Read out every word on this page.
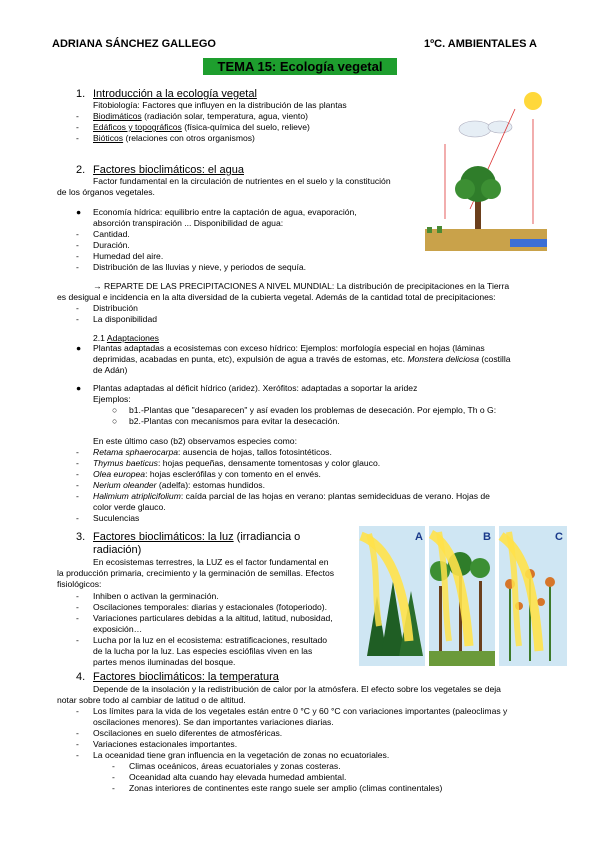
ADRIANA SÁNCHEZ GALLEGO	1ºC. AMBIENTALES A
TEMA 15: Ecología vegetal
1. Introducción a la ecología vegetal
Fitobiología: Factores que influyen en la distribución de las plantas
- Biodimáticos (radiación solar, temperatura, agua, viento)
- Edáficos y topográficos (física-química del suelo, relieve)
- Bióticos (relaciones con otros organismos)
2. Factores bioclimáticos: el agua
Factor fundamental en la circulación de nutrientes en el suelo y la constitución
de los órganos vegetales.
● Economía hídrica: equilibrio entre la captación de agua, evaporación,
absorción transpiración ... Disponibilidad de agua:
- Cantidad.
- Duración.
- Humedad del aire.
- Distribución de las lluvias y nieve, y periodos de sequía.
→ REPARTE DE LAS PRECIPITACIONES A NIVEL MUNDIAL: La distribución de precipitaciones en la Tierra
es desigual e incidencia en la alta diversidad de la cubierta vegetal. Además de la cantidad total de precipitaciones:
- Distribución
- La disponibilidad
2.1 Adaptaciones
● Plantas adaptadas a ecosistemas con exceso hídrico: Ejemplos: morfología especial en hojas (láminas
deprimidas, acabadas en punta, etc), expulsión de agua a través de estomas, etc. Monstera deliciosa (costilla
de Adán)
● Plantas adaptadas al déficit hídrico (aridez). Xerófitos: adaptadas a soportar la aridez
Ejemplos:
○ b1.-Plantas que "desaparecen" y así evaden los problemas de desecación. Por ejemplo, Th o G:
○ b2.-Plantas con mecanismos para evitar la desecación.
En este último caso (b2) observamos especies como:
- Retama sphaerocarpa: ausencia de hojas, tallos fotosintéticos.
- Thymus baeticus: hojas pequeñas, densamente tomentosas y color glauco.
- Olea europea: hojas esclerófilas y con tomento en el envés.
- Nerium oleander (adelfa): estomas hundidos.
- Halimium atriplicifolium: caída parcial de las hojas en verano: plantas semideciduas de verano. Hojas de
color verde glauco.
- Suculencias
3. Factores bioclimáticos: la luz (irradiancia o
radiación)
En ecosistemas terrestres, la LUZ es el factor fundamental en
la producción primaria, crecimiento y la germinación de semillas. Efectos
fisiológicos:
- Inhiben o activan la germinación.
- Oscilaciones temporales: diarias y estacionales (fotoperiodo).
- Variaciones particulares debidas a la altitud, latitud, nubosidad,
exposición…
- Lucha por la luz en el ecosistema: estratificaciones, resultado
de la lucha por la luz. Las especies esciófilas viven en las
partes menos iluminadas del bosque.
A	B	C
4. Factores bioclimáticos: la temperatura
Depende de la insolación y la redistribución de calor por la atmósfera. El efecto sobre los vegetales se deja
notar sobre todo al cambiar de latitud o de altitud.
- Los límites para la vida de los vegetales están entre 0 °C y 60 °C con variaciones importantes (paleoclimas y
oscilaciones menores). Se dan importantes variaciones diarias.
- Oscilaciones en suelo diferentes de atmosféricas.
- Variaciones estacionales importantes.
- La oceanidad tiene gran influencia en la vegetación de zonas no ecuatoriales.
- Climas oceánicos, áreas ecuatoriales y zonas costeras.
- Oceanidad alta cuando hay elevada humedad ambiental.
- Zonas interiores de continentes este rango suele ser amplio (climas continentales)
